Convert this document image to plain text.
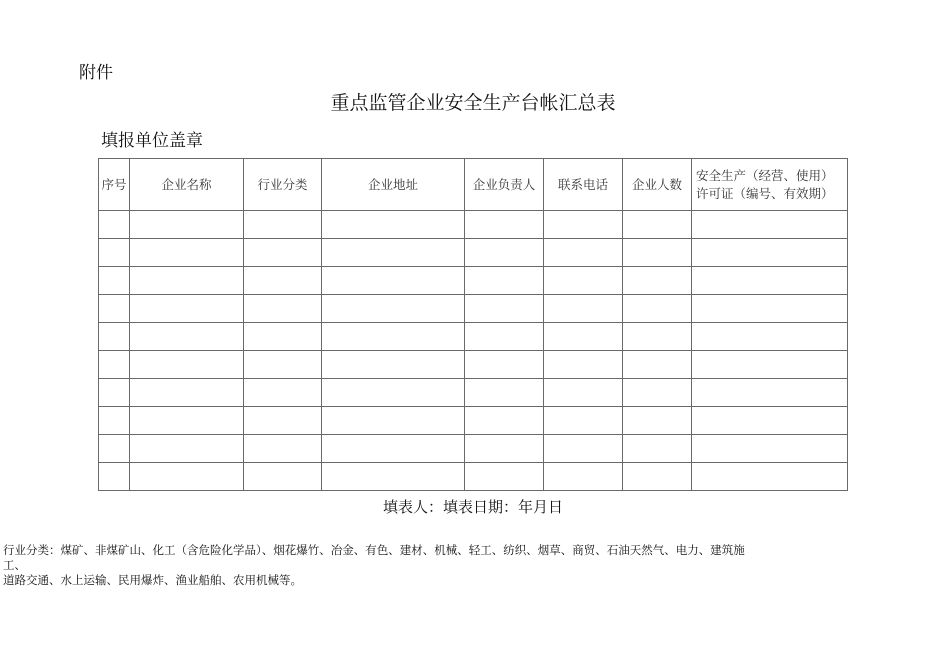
附件
重点监管企业安全生产台帐汇总表
填报单位盖章
序号	企业名称	行业分类	企业地址	企业负责人	联系电话	企业人数	安全生产（经营、使用）许可证（编号、有效期）

填表人：填表日期：年月日
行业分类：煤矿、非煤矿山、化工（含危险化学品）、烟花爆竹、冶金、有色、建材、机械、轻工、纺织、烟草、商贸、石油天然气、电力、建筑施
工、
道路交通、水上运输、民用爆炸、渔业船舶、农用机械等。
